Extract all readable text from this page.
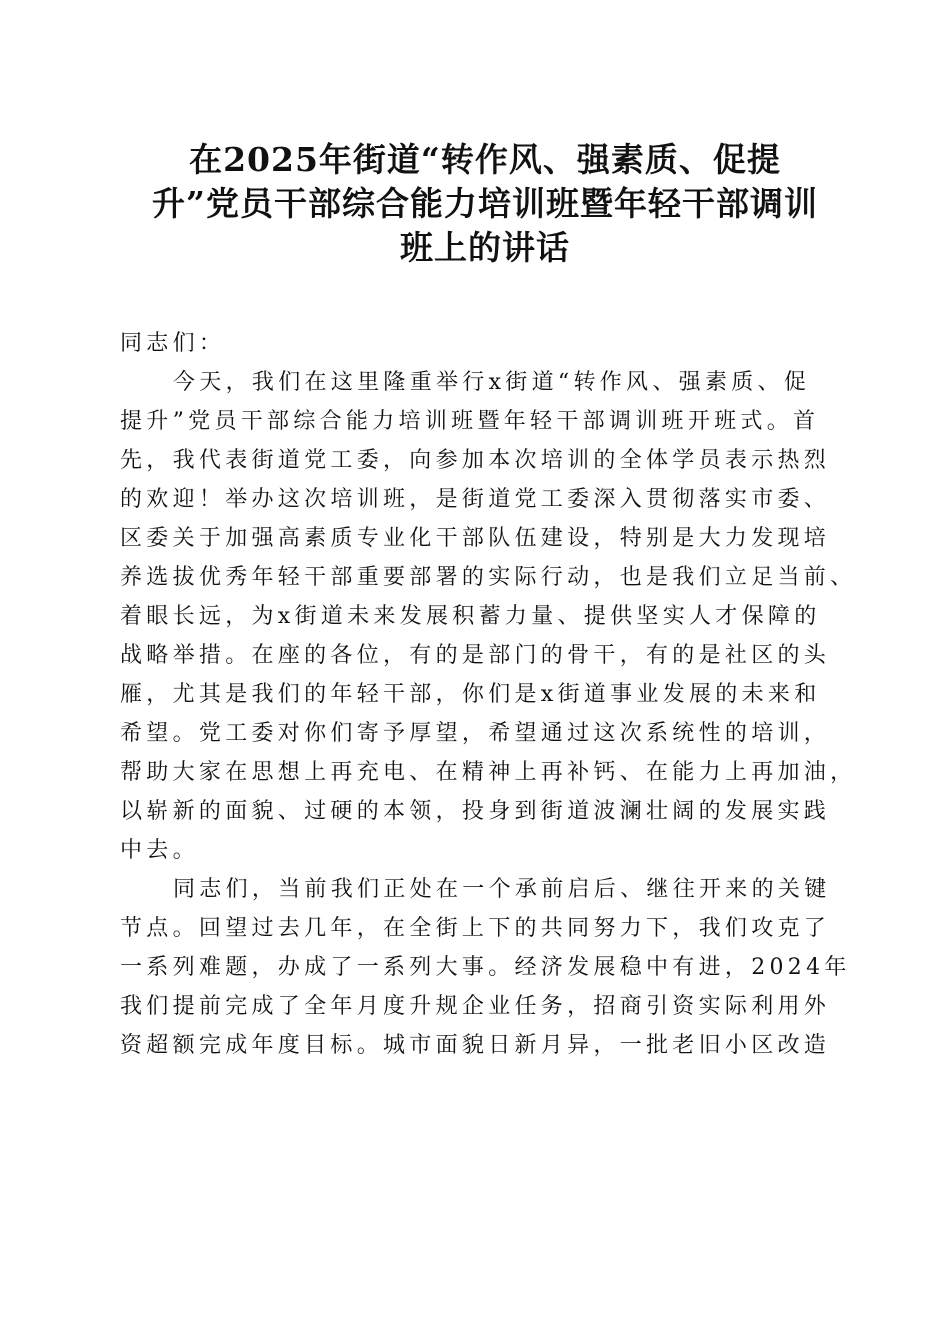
在2025年街道“转作风、强素质、促提
升”党员干部综合能力培训班暨年轻干部调训
班上的讲话
同志们：
今天，我们在这里隆重举行x街道“转作风、强素质、促
提升”党员干部综合能力培训班暨年轻干部调训班开班式。首
先，我代表街道党工委，向参加本次培训的全体学员表示热烈
的欢迎！举办这次培训班，是街道党工委深入贯彻落实市委、
区委关于加强高素质专业化干部队伍建设，特别是大力发现培
养选拔优秀年轻干部重要部署的实际行动，也是我们立足当前、
着眼长远，为x街道未来发展积蓄力量、提供坚实人才保障的
战略举措。在座的各位，有的是部门的骨干，有的是社区的头
雁，尤其是我们的年轻干部，你们是x街道事业发展的未来和
希望。党工委对你们寄予厚望，希望通过这次系统性的培训，
帮助大家在思想上再充电、在精神上再补钙、在能力上再加油，
以崭新的面貌、过硬的本领，投身到街道波澜壮阔的发展实践
中去。
同志们，当前我们正处在一个承前启后、继往开来的关键
节点。回望过去几年，在全街上下的共同努力下，我们攻克了
一系列难题，办成了一系列大事。经济发展稳中有进，2024年
我们提前完成了全年月度升规企业任务，招商引资实际利用外
资超额完成年度目标。城市面貌日新月异，一批老旧小区改造
